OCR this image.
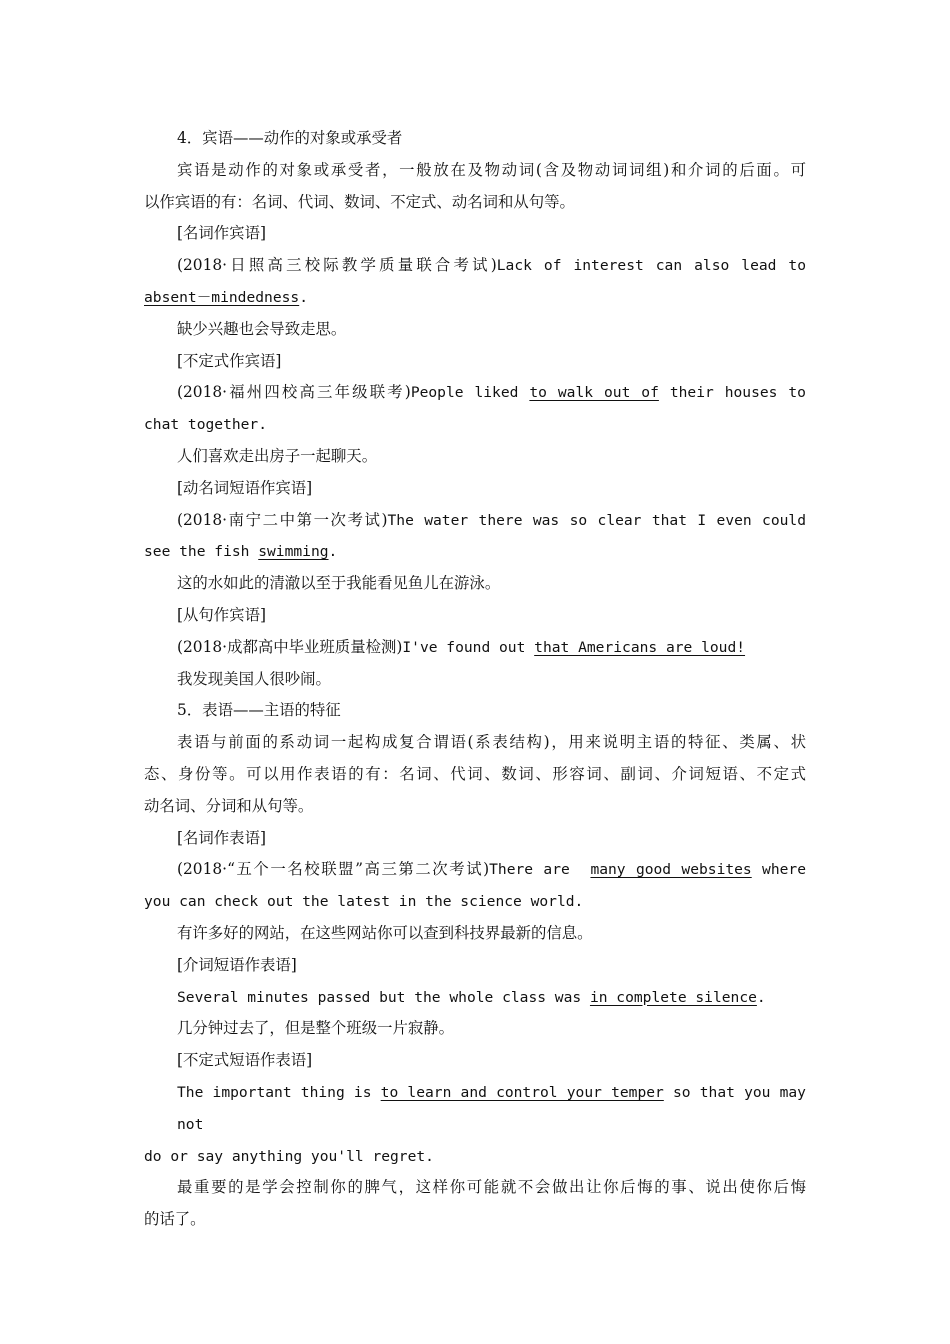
4．宾语——动作的对象或承受者
宾语是动作的对象或承受者，一般放在及物动词(含及物动词词组)和介词的后面。可
以作宾语的有：名词、代词、数词、不定式、动名词和从句等。
[名词作宾语]
(2018·日照高三校际教学质量联合考试)Lack of interest can also lead to
absent－mindedness.
缺少兴趣也会导致走思。
[不定式作宾语]
(2018·福州四校高三年级联考)People liked to walk out of their houses to
chat together.
人们喜欢走出房子一起聊天。
[动名词短语作宾语]
(2018·南宁二中第一次考试)The water there was so clear that I even could
see the fish swimming.
这的水如此的清澈以至于我能看见鱼儿在游泳。
[从句作宾语]
(2018·成都高中毕业班质量检测)I've found out that Americans are loud!
我发现美国人很吵闹。
5．表语——主语的特征
表语与前面的系动词一起构成复合谓语(系表结构)，用来说明主语的特征、类属、状
态、身份等。可以用作表语的有：名词、代词、数词、形容词、副词、介词短语、不定式
动名词、分词和从句等。
[名词作表语]
(2018·“五个一名校联盟”高三第二次考试)There are  many good websites where
you can check out the latest in the science world.
有许多好的网站，在这些网站你可以查到科技界最新的信息。
[介词短语作表语]
Several minutes passed but the whole class was in complete silence.
几分钟过去了，但是整个班级一片寂静。
[不定式短语作表语]
The important thing is to learn and control your temper so that you may not
do or say anything you'll regret.
最重要的是学会控制你的脾气，这样你可能就不会做出让你后悔的事、说出使你后悔
的话了。
